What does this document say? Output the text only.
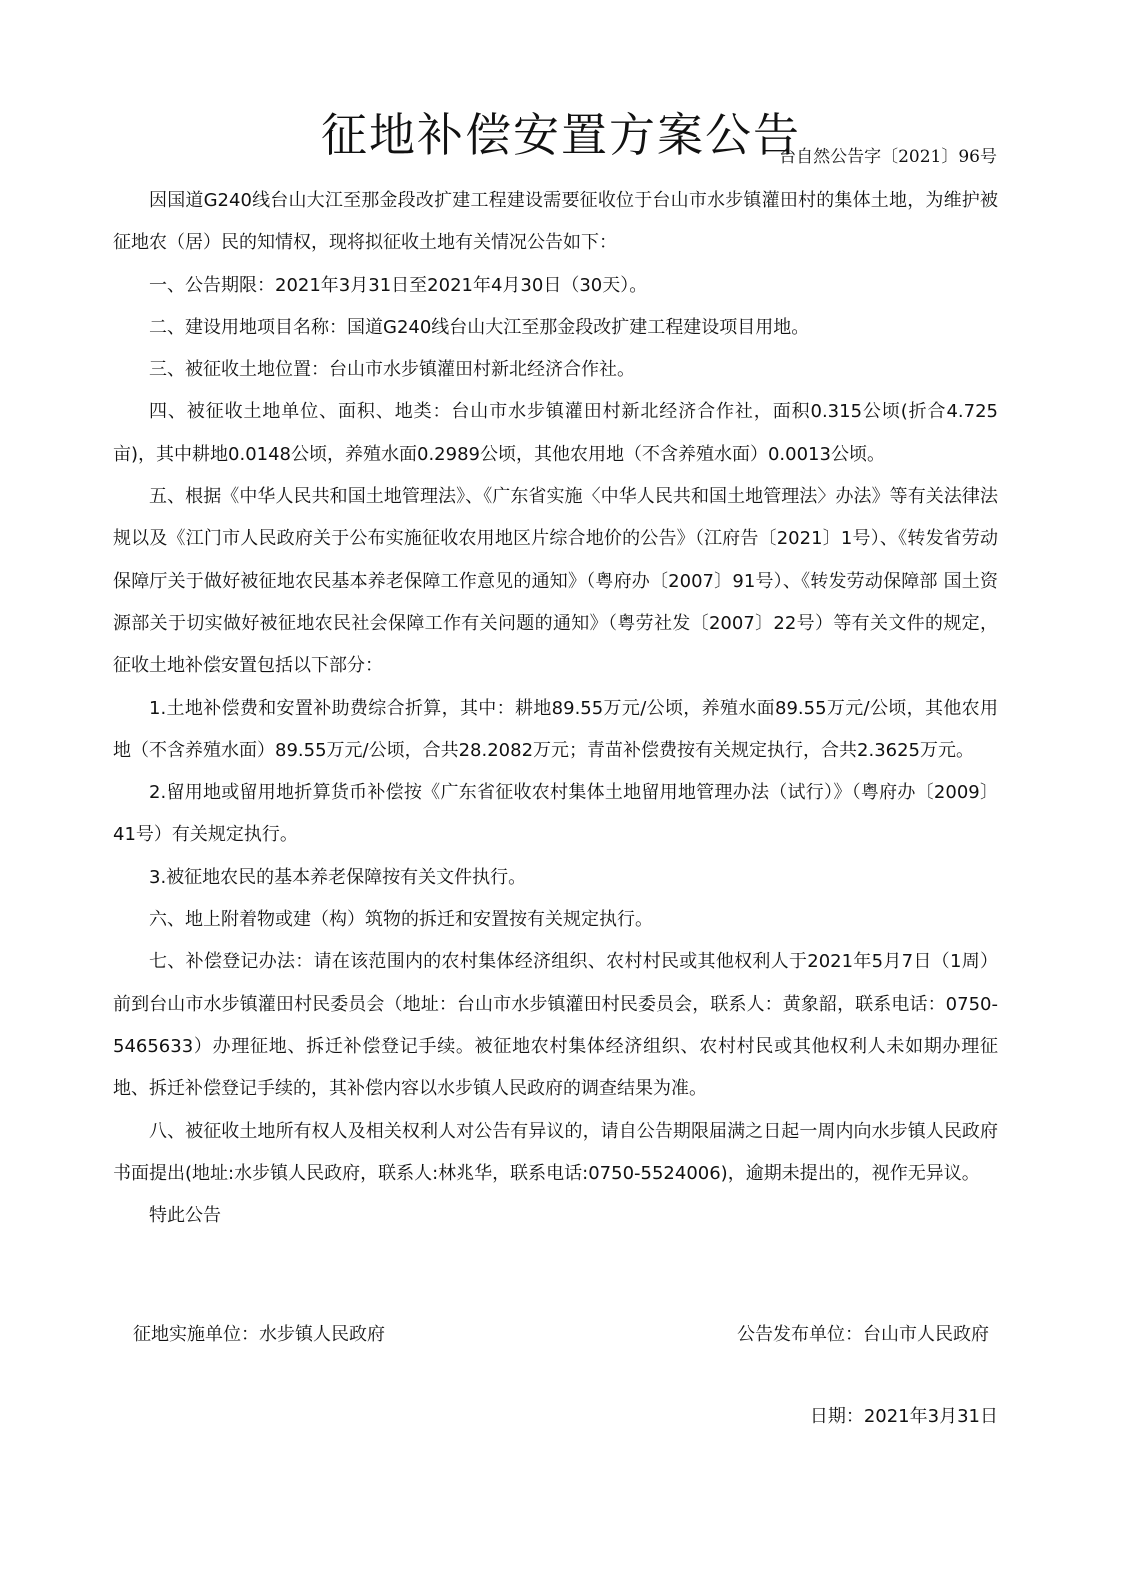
征地补偿安置方案公告
台自然公告字〔2021〕96号

因国道G240线台山大江至那金段改扩建工程建设需要征收位于台山市水步镇灌田村的集体土地，为维护被征地农（居）民的知情权，现将拟征收土地有关情况公告如下：

一、公告期限：2021年3月31日至2021年4月30日（30天）。

二、建设用地项目名称：国道G240线台山大江至那金段改扩建工程建设项目用地。

三、被征收土地位置：台山市水步镇灌田村新北经济合作社。

四、被征收土地单位、面积、地类：台山市水步镇灌田村新北经济合作社，面积0.315公顷(折合4.725亩)，其中耕地0.0148公顷，养殖水面0.2989公顷，其他农用地（不含养殖水面）0.0013公顷。

五、根据《中华人民共和国土地管理法》、《广东省实施〈中华人民共和国土地管理法〉办法》等有关法律法规以及《江门市人民政府关于公布实施征收农用地区片综合地价的公告》（江府告〔2021〕1号）、《转发省劳动保障厅关于做好被征地农民基本养老保障工作意见的通知》（粤府办〔2007〕91号）、《转发劳动保障部 国土资源部关于切实做好被征地农民社会保障工作有关问题的通知》（粤劳社发〔2007〕22号）等有关文件的规定，征收土地补偿安置包括以下部分：

1.土地补偿费和安置补助费综合折算，其中：耕地89.55万元/公顷，养殖水面89.55万元/公顷，其他农用地（不含养殖水面）89.55万元/公顷，合共28.2082万元；青苗补偿费按有关规定执行，合共2.3625万元。

2.留用地或留用地折算货币补偿按《广东省征收农村集体土地留用地管理办法（试行）》（粤府办〔2009〕41号）有关规定执行。

3.被征地农民的基本养老保障按有关文件执行。

六、地上附着物或建（构）筑物的拆迁和安置按有关规定执行。

七、补偿登记办法：请在该范围内的农村集体经济组织、农村村民或其他权利人于2021年5月7日（1周）前到台山市水步镇灌田村民委员会（地址：台山市水步镇灌田村民委员会，联系人：黄象韶，联系电话：0750-5465633）办理征地、拆迁补偿登记手续。被征地农村集体经济组织、农村村民或其他权利人未如期办理征地、拆迁补偿登记手续的，其补偿内容以水步镇人民政府的调查结果为准。

八、被征收土地所有权人及相关权利人对公告有异议的，请自公告期限届满之日起一周内向水步镇人民政府书面提出(地址:水步镇人民政府，联系人:林兆华，联系电话:0750-5524006)，逾期未提出的，视作无异议。

特此公告

征地实施单位：水步镇人民政府	公告发布单位：台山市人民政府
日期：2021年3月31日
